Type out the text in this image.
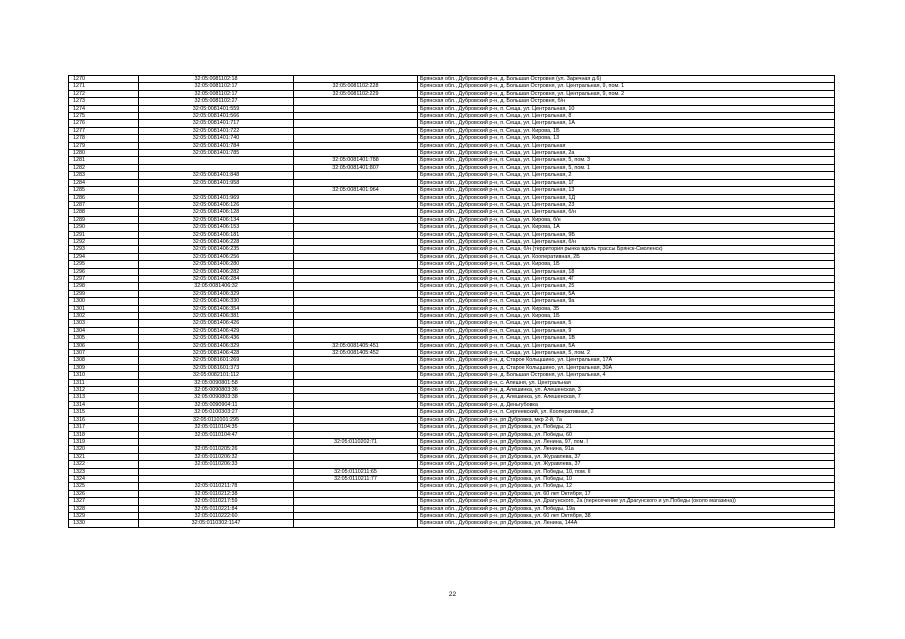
1270	32:05:0081102:18		Брянская обл., Дубровский р-н, д. Большая Островня (ул. Заречная д.6)
1271	32:05:0081102:17	32:05:0081102:228	Брянская обл., Дубровский р-н, д. Большая Островня, ул. Центральная, 9, пом. 1
1272	32:05:0081102:17	32:05:0081102:229	Брянская обл., Дубровский р-н, д. Большая Островня, ул. Центральная, 9, пом. 2
1273	32:05:0081102:27		Брянская обл., Дубровский р-н, д. Большая Островня, б/н
1274	32:05:0081401:559		Брянская обл., Дубровский р-н, п. Сеща, ул. Центральная, 10
1275	32:05:0081401:566		Брянская обл., Дубровский р-н, п. Сеща, ул. Центральная, 8
1276	32:05:0081401:717		Брянская обл., Дубровский р-н, п. Сеща, ул. Центральная, 1А
1277	32:05:0081401:722		Брянская обл., Дубровский р-н, п. Сеща, ул. Кирова, 1Б
1278	32:05:0081401:740		Брянская обл., Дубровский р-н, п. Сеща, ул. Кирова, 13
1279	32:05:0081401:784		Брянская обл., Дубровский р-н, п. Сеща, ул. Центральная
1280	32:05:0081401:785		Брянская обл., Дубровский р-н, п. Сеща, ул. Центральная, 2а
1281		32:05:0081401:788	Брянская обл., Дубровский р-н, п. Сеща, ул. Центральная, 5, пом. 3
1282		32:05:0081401:807	Брянская обл., Дубровский р-н, п. Сеща, ул. Центральная, 5, пом. 1
1283	32:05:0081401:848		Брянская обл., Дубровский р-н, п. Сеща, ул. Центральная, 2
1284	32:05:0081401:958		Брянская обл., Дубровский р-н, п. Сеща, ул. Центральная, 1Г
1285		32:05:0081401:964	Брянская обл., Дубровский р-н, п. Сеща, ул. Центральная, 13
1286	32:05:0081401:969		Брянская обл., Дубровский р-н, п. Сеща, ул. Центральная, 1Д
1287	32:05:0081406:126		Брянская обл., Дубровский р-н, п. Сеща, ул. Центральная, 23
1288	32:05:0081406:128		Брянская обл., Дубровский р-н, п. Сеща, ул. Центральная, б/н
1289	32:05:0081406:134		Брянская обл., Дубровский р-н, п. Сеща, ул. Кирова, б/н
1290	32:05:0081406:153		Брянская обл., Дубровский р-н, п. Сеща, ул. Кирова, 1А
1291	32:05:0081406:181		Брянская обл., Дубровский р-н, п. Сеща, ул. Центральная, 9Б
1292	32:05:0081406:228		Брянская обл., Дубровский р-н, п. Сеща, ул. Центральная, б/н
1293	32:05:0081406:235		Брянская обл., Дубровский р-н, п. Сеща, б/н (территория рынка вдоль трассы Брянск-Смоленск)
1294	32:05:0081406:256		Брянская обл., Дубровский р-н, п. Сеща, ул. Кооперативная, 2Б
1295	32:05:0081406:280		Брянская обл., Дубровский р-н, п. Сеща, ул. Кирова, 1Б
1296	32:05:0081406:282		Брянская обл., Дубровский р-н, п. Сеща, ул. Центральная, 18
1297	32:05:0081406:284		Брянская обл., Дубровский р-н, п. Сеща, ул. Центральная, 4Г
1298	32:05:0081406:32		Брянская обл., Дубровский р-н, п. Сеща, ул. Центральная, 25
1299	32:05:0081406:329		Брянская обл., Дубровский р-н, п. Сеща, ул. Центральная, 5А
1300	32:05:0081406:330		Брянская обл., Дубровский р-н, п. Сеща, ул. Центральная, 9а
1301	32:05:0081406:354		Брянская обл., Дубровский р-н, п. Сеща, ул. Кирова, 35
1302	32:05:0081406:381		Брянская обл., Дубровский р-н, п. Сеща, ул. Кирова, 1Б
1303	32:05:0081406:426		Брянская обл., Дубровский р-н, п. Сеща, ул. Центральная, 5
1304	32:05:0081406:429		Брянская обл., Дубровский р-н, п. Сеща, ул. Центральная, 9
1305	32:05:0081406:436		Брянская обл., Дубровский р-н, п. Сеща, ул. Центральная, 1В
1306	32:05:0081406:329	32:05:0081405:451	Брянская обл., Дубровский р-н, п. Сеща, ул. Центральная, 5А
1307	32:05:0081406:428	32:05:0081405:452	Брянская обл., Дубровский р-н, п. Сеща, ул. Центральная, 5, пом. 2
1308	32:05:0081601:269		Брянская обл., Дубровский р-н, д. Старое Кольцшино, ул. Центральная, 17А
1309	32:05:0081601:373		Брянская обл., Дубровский р-н, д. Старое Кольцшино, ул. Центральная, 30А
1310	32:05:0082101:112		Брянская обл., Дубровский р-н, д. Большая Островня, ул. Центральная, 4
1311	32:05:0090801:58		Брянская обл., Дубровский р-н, с. Алешня, ул. Центральная
1312	32:05:0090803:36		Брянская обл., Дубровский р-н, д. Алешинка, ул. Алешенская, 3
1313	32:05:0090803:38		Брянская обл., Дубровский р-н, д. Алешинка, ул. Алешенская, 7
1314	32:05:0090904:11		Брянская обл., Дубровский р-н, д. Деньгубовка
1315	32:05:0100303:27		Брянская обл., Дубровский р-н, п. Сергеевский, ул. Кооперативная, 2
1316	32:05:0110101:295		Брянская обл., Дубровский р-н, рп Дубровка, мкр 2-й, 7а
1317	32:05:0110104:35		Брянская обл., Дубровский р-н, рп Дубровка, ул. Победы, 21
1318	32:05:0110104:47		Брянская обл., Дубровский р-н, рп Дубровка, ул. Победы, 60
1319		32:05:0110202:71	Брянская обл., Дубровский р-н, рп Дубровка, ул. Ленина, 97, пом. I
1320	32:05:0110205:26		Брянская обл., Дубровский р-н, рп Дубровка, ул. Ленина, 91а
1321	32:05:0110206:32		Брянская обл., Дубровский р-н, рп Дубровка, ул. Журавлева, 37
1322	32:05:0110206:33		Брянская обл., Дубровский р-н, рп Дубровка, ул. Журавлева, 37
1323		32:05:0110211:65	Брянская обл., Дубровский р-н, рп Дубровка, ул. Победы, 10, пом. II
1324		32:05:0110211:77	Брянская обл., Дубровский р-н, рп Дубровка, ул. Победы, 10
1325	32:05:0110211:78		Брянская обл., Дубровский р-н, рп Дубровка, ул. Победы, 12
1326	32:05:0110212:38		Брянская обл., Дубровский р-н, рп Дубровка, ул. 60 лет Октября, 17
1327	32:05:0110217:59		Брянская обл., Дубровский р-н, рп Дубровка, ул. Драгунского, 2а (пересечение ул.Драгунского и ул.Победы (около магазина))
1328	32:05:0110221:84		Брянская обл., Дубровский р-н, рп Дубровка, ул. Победы, 19а
1329	32:05:0110222:60		Брянская обл., Дубровский р-н, рп Дубровка, ул. 60 лет Октября, 38
1330	32:05:0110302:1147		Брянская обл., Дубровский р-н, рп Дубровка, ул. Ленина, 144А
22
